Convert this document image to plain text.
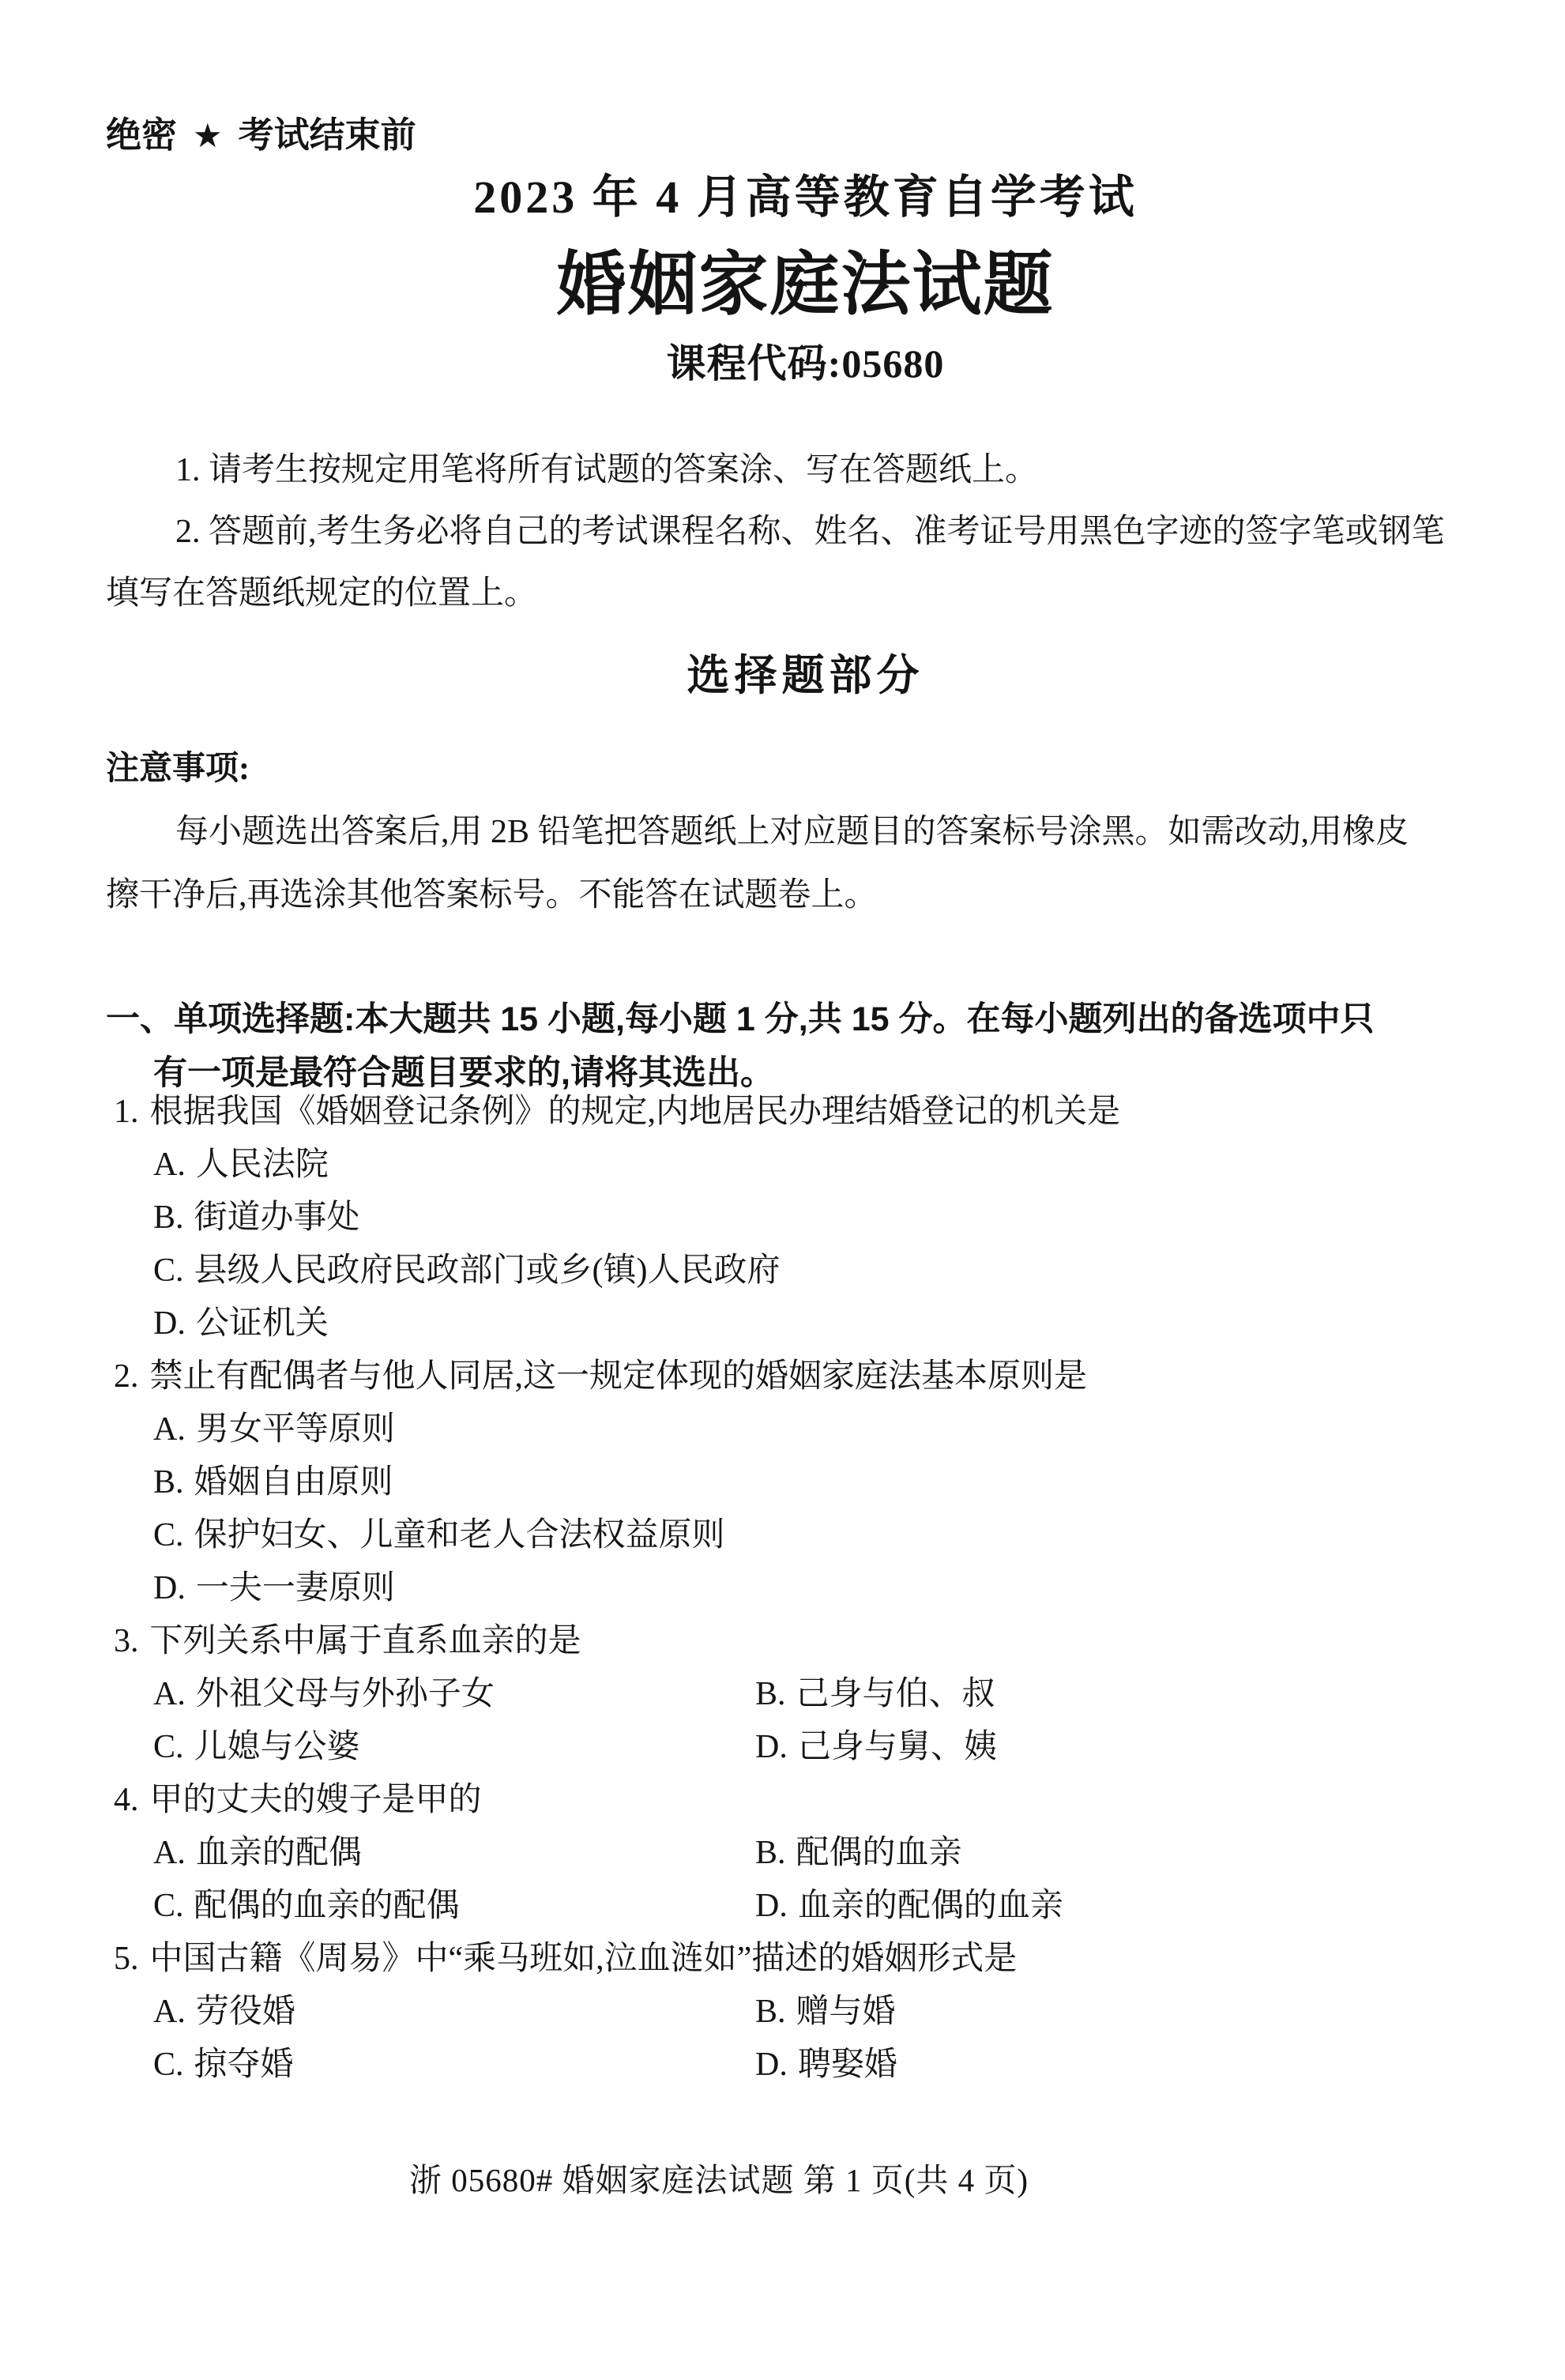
绝密 ★ 考试结束前
2023 年 4 月高等教育自学考试
婚姻家庭法试题
课程代码:05680

1. 请考生按规定用笔将所有试题的答案涂、写在答题纸上。

2. 答题前,考生务必将自己的考试课程名称、姓名、准考证号用黑色字迹的签字笔或钢笔

填写在答题纸规定的位置上。

选择题部分

注意事项:

每小题选出答案后,用 2B 铅笔把答题纸上对应题目的答案标号涂黑。如需改动,用橡皮

擦干净后,再选涂其他答案标号。不能答在试题卷上。

一、单项选择题:本大题共 15 小题,每小题 1 分,共 15 分。在每小题列出的备选项中只
有一项是最符合题目要求的,请将其选出。
1. 根据我国《婚姻登记条例》的规定,内地居民办理结婚登记的机关是
A. 人民法院
B. 街道办事处
C. 县级人民政府民政部门或乡(镇)人民政府
D. 公证机关
2. 禁止有配偶者与他人同居,这一规定体现的婚姻家庭法基本原则是
A. 男女平等原则
B. 婚姻自由原则
C. 保护妇女、儿童和老人合法权益原则
D. 一夫一妻原则
3. 下列关系中属于直系血亲的是
A. 外祖父母与外孙子女	B. 己身与伯、叔
C. 儿媳与公婆	D. 己身与舅、姨
4. 甲的丈夫的嫂子是甲的
A. 血亲的配偶	B. 配偶的血亲
C. 配偶的血亲的配偶	D. 血亲的配偶的血亲
5. 中国古籍《周易》中“乘马班如,泣血涟如”描述的婚姻形式是
A. 劳役婚	B. 赠与婚
C. 掠夺婚	D. 聘娶婚
浙 05680# 婚姻家庭法试题 第 1 页(共 4 页)
